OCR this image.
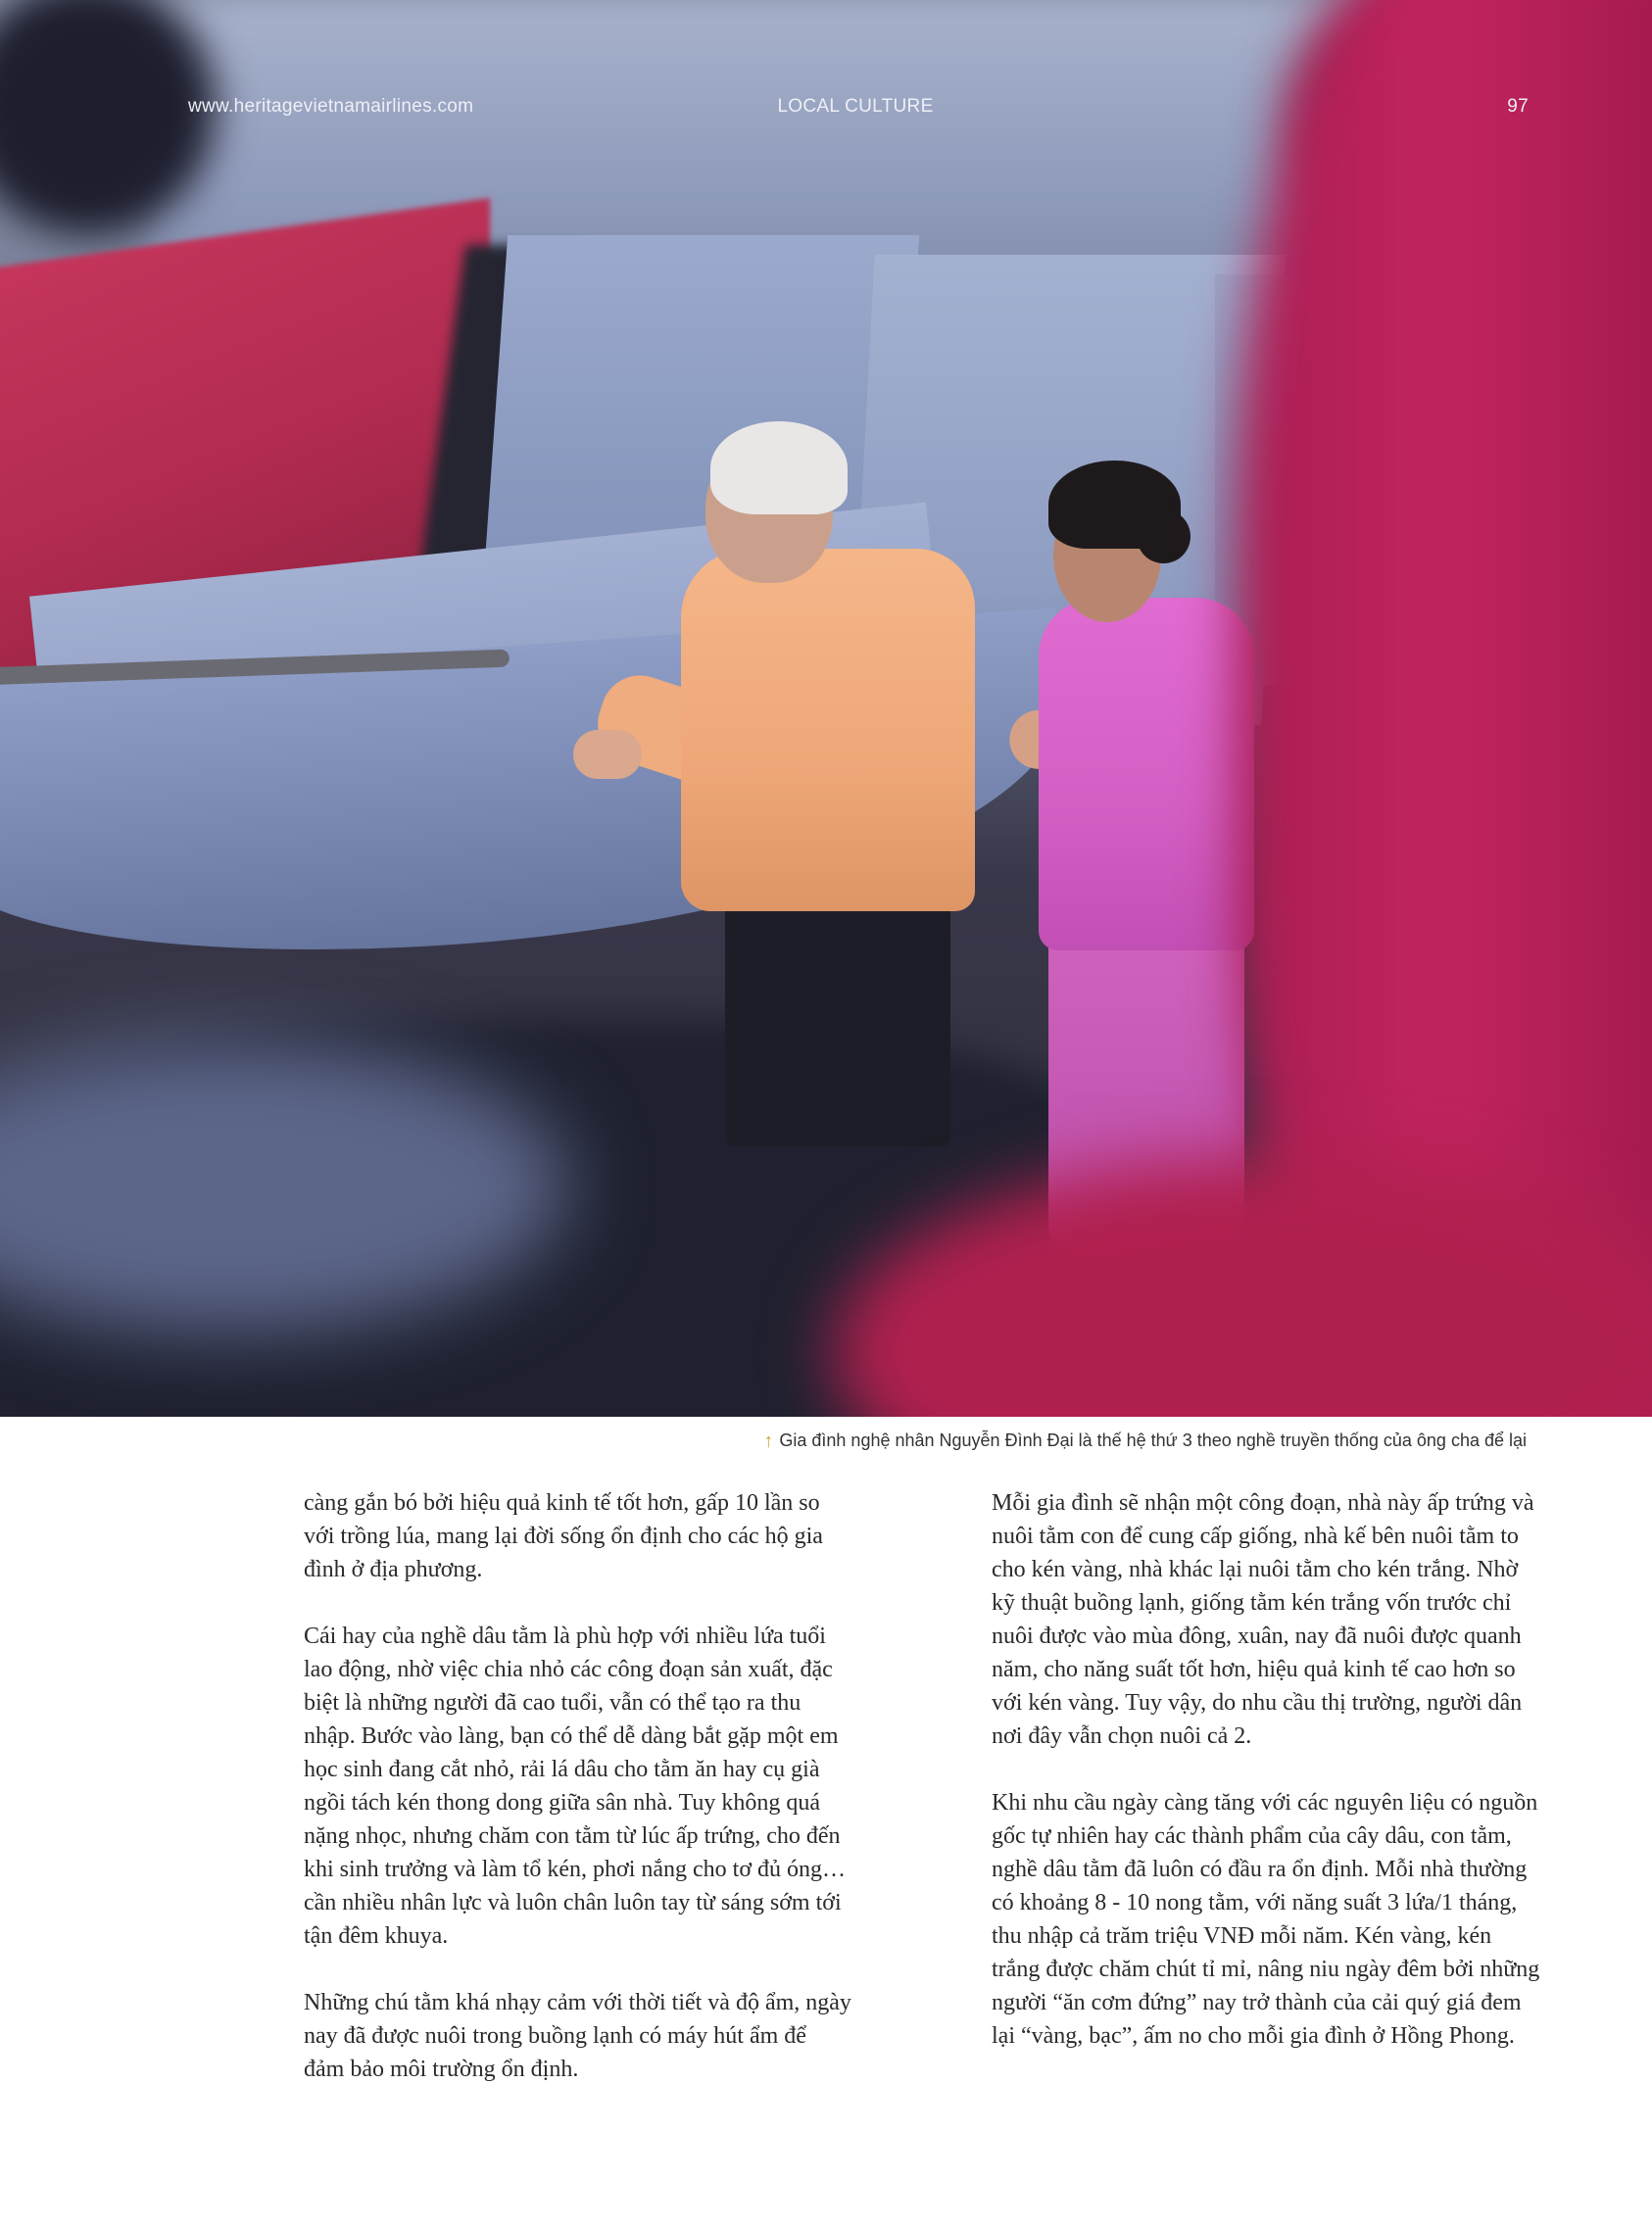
www.heritagevietnamairlines.com	LOCAL CULTURE	97
↑ Gia đình nghệ nhân Nguyễn Đình Đại là thế hệ thứ 3 theo nghề truyền thống của ông cha để lại

càng gắn bó bởi hiệu quả kinh tế tốt hơn, gấp 10 lần so với trồng lúa, mang lại đời sống ổn định cho các hộ gia đình ở địa phương.

Cái hay của nghề dâu tằm là phù hợp với nhiều lứa tuổi lao động, nhờ việc chia nhỏ các công đoạn sản xuất, đặc biệt là những người đã cao tuổi, vẫn có thể tạo ra thu nhập. Bước vào làng, bạn có thể dễ dàng bắt gặp một em học sinh đang cắt nhỏ, rải lá dâu cho tằm ăn hay cụ già ngồi tách kén thong dong giữa sân nhà. Tuy không quá nặng nhọc, nhưng chăm con tằm từ lúc ấp trứng, cho đến khi sinh trưởng và làm tổ kén, phơi nắng cho tơ đủ óng… cần nhiều nhân lực và luôn chân luôn tay từ sáng sớm tới tận đêm khuya.

Những chú tằm khá nhạy cảm với thời tiết và độ ẩm, ngày nay đã được nuôi trong buồng lạnh có máy hút ẩm để đảm bảo môi trường ổn định.

Mỗi gia đình sẽ nhận một công đoạn, nhà này ấp trứng và nuôi tằm con để cung cấp giống, nhà kế bên nuôi tằm to cho kén vàng, nhà khác lại nuôi tằm cho kén trắng. Nhờ kỹ thuật buồng lạnh, giống tằm kén trắng vốn trước chỉ nuôi được vào mùa đông, xuân, nay đã nuôi được quanh năm, cho năng suất tốt hơn, hiệu quả kinh tế cao hơn so với kén vàng. Tuy vậy, do nhu cầu thị trường, người dân nơi đây vẫn chọn nuôi cả 2.

Khi nhu cầu ngày càng tăng với các nguyên liệu có nguồn gốc tự nhiên hay các thành phẩm của cây dâu, con tằm, nghề dâu tằm đã luôn có đầu ra ổn định. Mỗi nhà thường có khoảng 8 - 10 nong tằm, với năng suất 3 lứa/1 tháng, thu nhập cả trăm triệu VNĐ mỗi năm. Kén vàng, kén trắng được chăm chút tỉ mỉ, nâng niu ngày đêm bởi những người “ăn cơm đứng” nay trở thành của cải quý giá đem lại “vàng, bạc”, ấm no cho mỗi gia đình ở Hồng Phong.
